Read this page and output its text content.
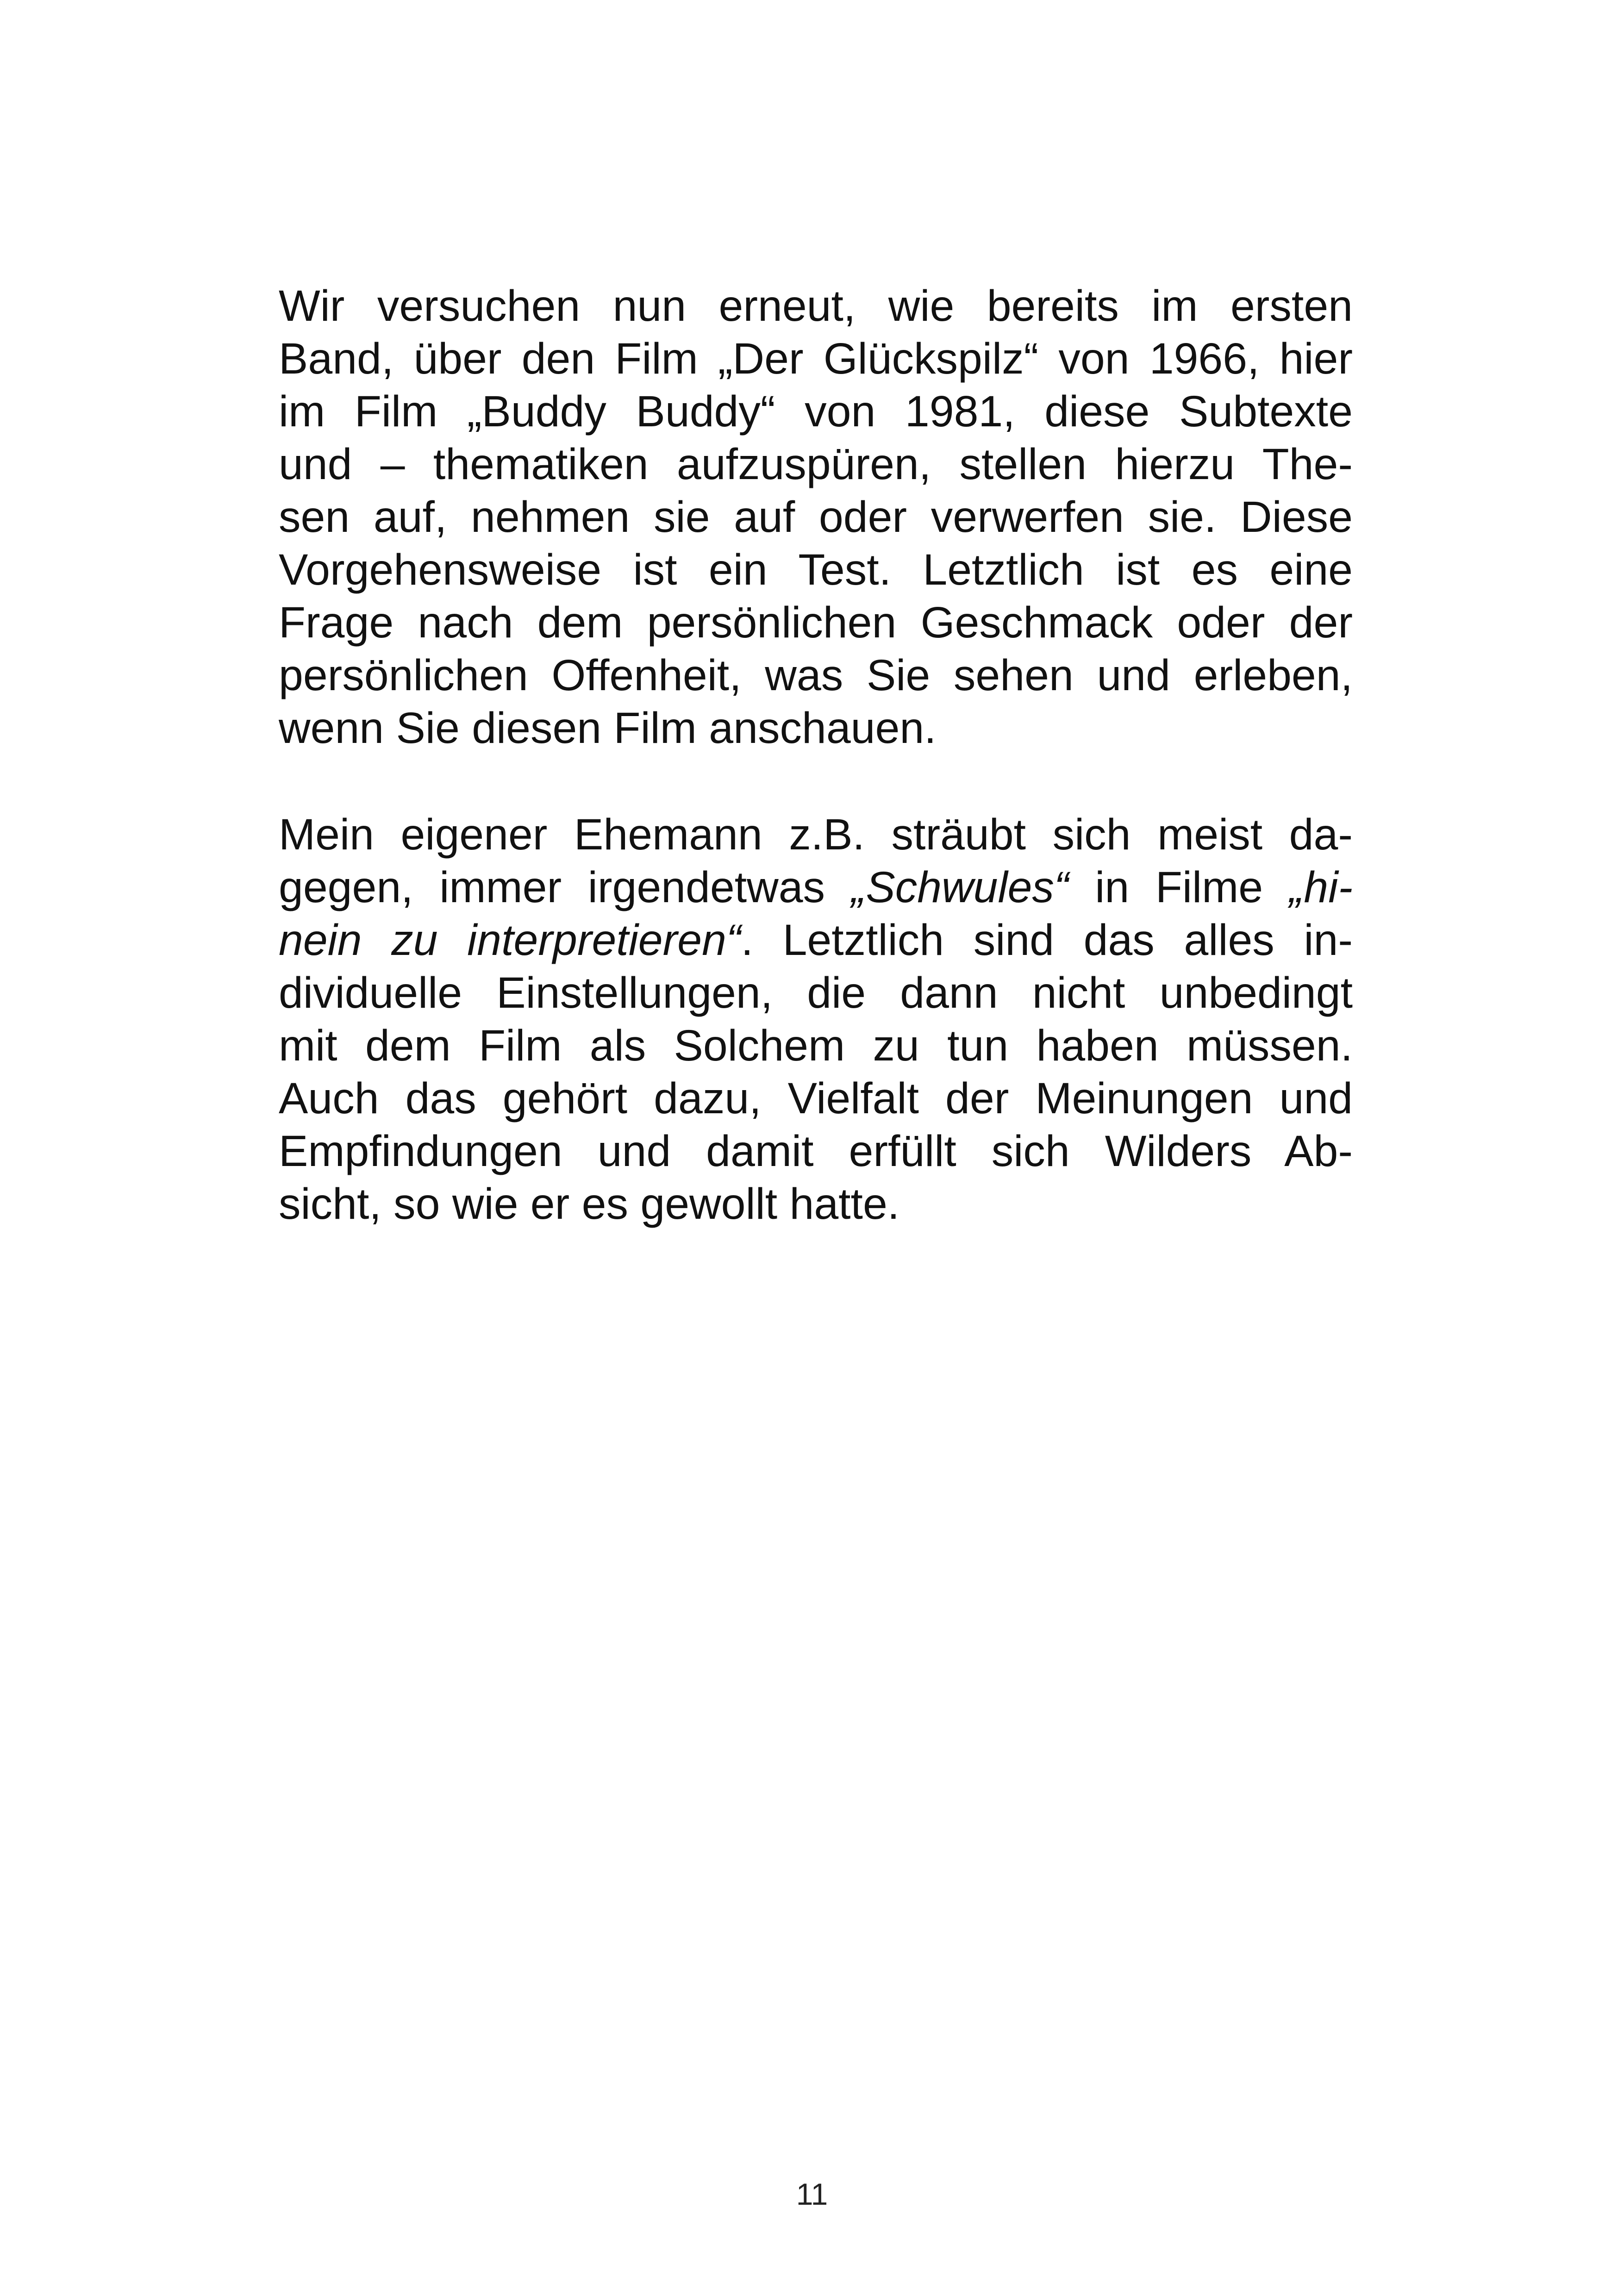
Wir versuchen nun erneut, wie bereits im ersten
Band, über den Film „Der Glückspilz“ von 1966, hier
im Film „Buddy Buddy“ von 1981, diese Subtexte
und – thematiken aufzuspüren, stellen hierzu The-
sen auf, nehmen sie auf oder verwerfen sie. Diese
Vorgehensweise ist ein Test. Letztlich ist es eine
Frage nach dem persönlichen Geschmack oder der
persönlichen Offenheit, was Sie sehen und erleben,
wenn Sie diesen Film anschauen.
Mein eigener Ehemann z.B. sträubt sich meist da-
gegen, immer irgendetwas „Schwules“ in Filme „hi-
nein zu interpretieren“. Letztlich sind das alles in-
dividuelle Einstellungen, die dann nicht unbedingt
mit dem Film als Solchem zu tun haben müssen.
Auch das gehört dazu, Vielfalt der Meinungen und
Empfindungen und damit erfüllt sich Wilders Ab-
sicht, so wie er es gewollt hatte.

11
